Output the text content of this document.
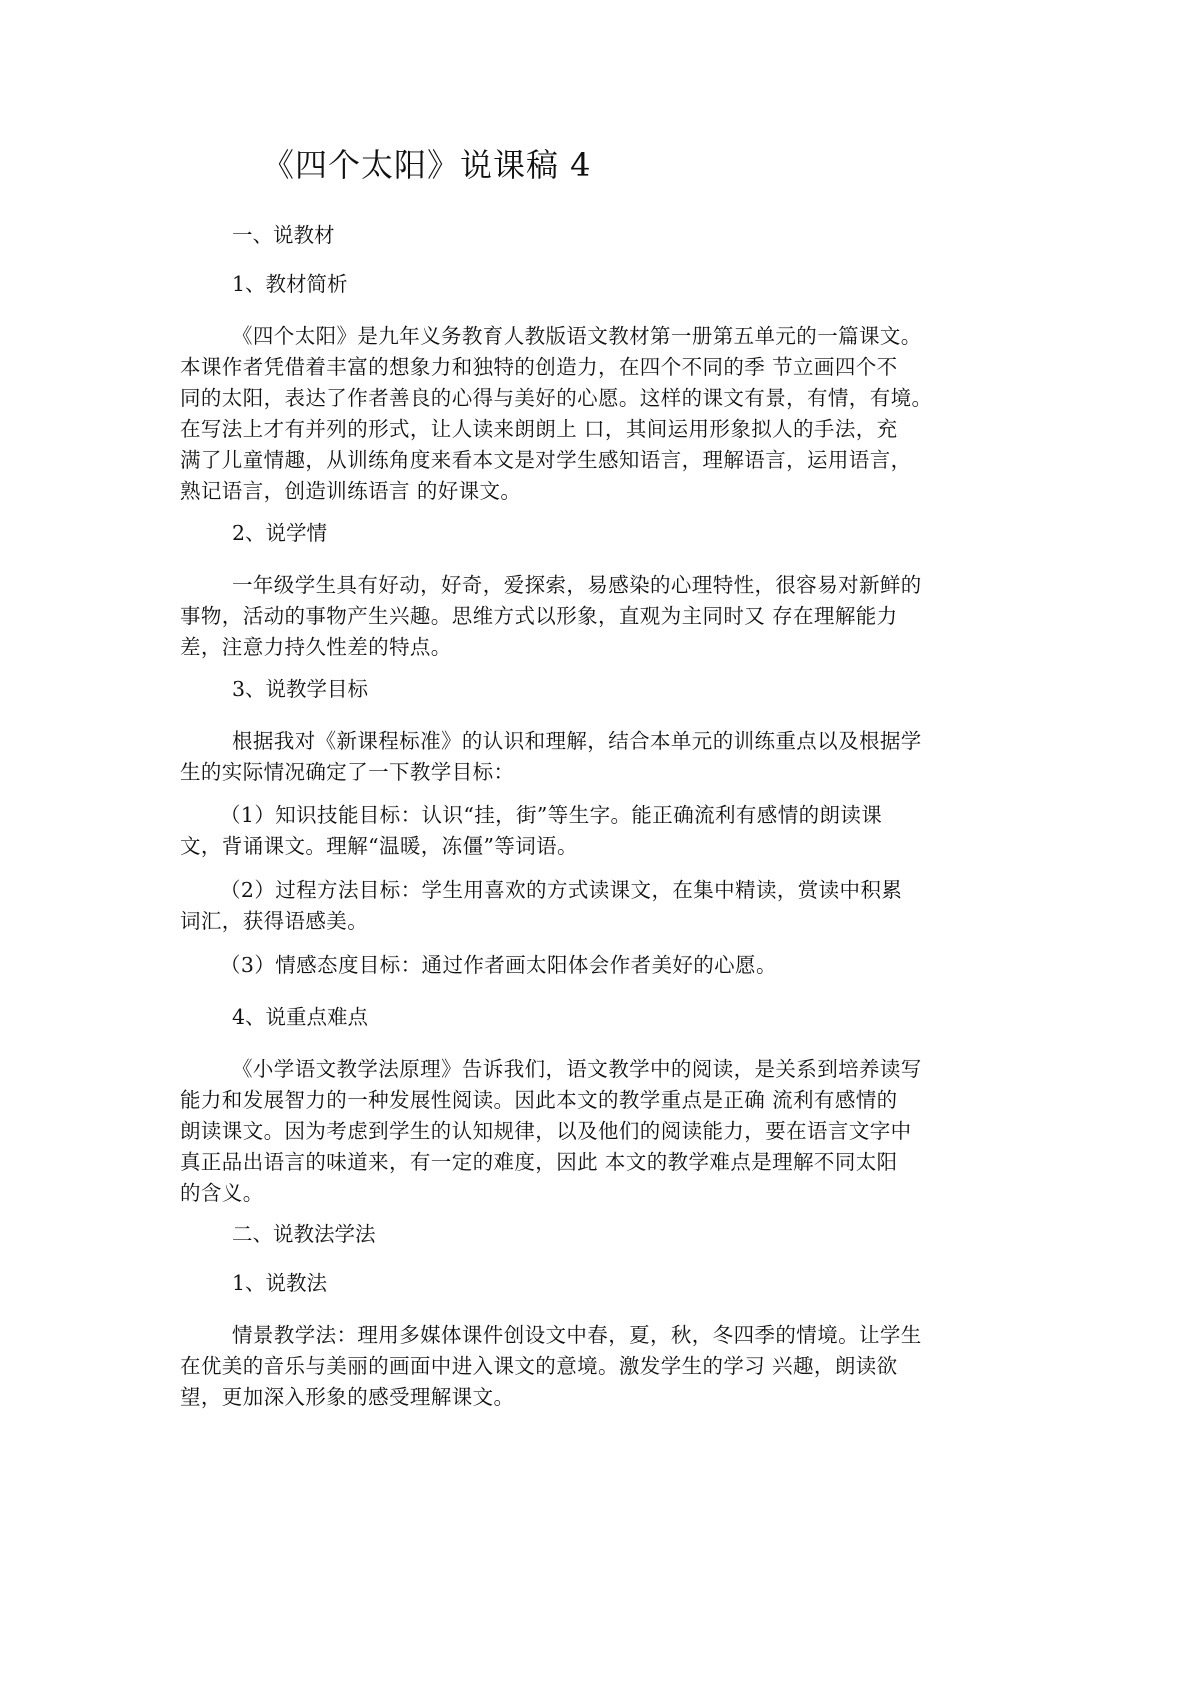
《四个太阳》说课稿 4
一、说教材
1、教材简析
《四个太阳》是九年义务教育人教版语文教材第一册第五单元的一篇课文。
本课作者凭借着丰富的想象力和独特的创造力，在四个不同的季 节立画四个不
同的太阳，表达了作者善良的心得与美好的心愿。这样的课文有景，有情，有境。
在写法上才有并列的形式，让人读来朗朗上 口，其间运用形象拟人的手法，充
满了儿童情趣，从训练角度来看本文是对学生感知语言，理解语言，运用语言，
熟记语言，创造训练语言 的好课文。
2、说学情
一年级学生具有好动，好奇，爱探索，易感染的心理特性，很容易对新鲜的
事物，活动的事物产生兴趣。思维方式以形象，直观为主同时又 存在理解能力
差，注意力持久性差的特点。
3、说教学目标
根据我对《新课程标准》的认识和理解，结合本单元的训练重点以及根据学
生的实际情况确定了一下教学目标：
（1）知识技能目标：认识“挂，街”等生字。能正确流利有感情的朗读课
文，背诵课文。理解“温暖，冻僵”等词语。
（2）过程方法目标：学生用喜欢的方式读课文，在集中精读，赏读中积累
词汇，获得语感美。
（3）情感态度目标：通过作者画太阳体会作者美好的心愿。
4、说重点难点
《小学语文教学法原理》告诉我们，语文教学中的阅读，是关系到培养读写
能力和发展智力的一种发展性阅读。因此本文的教学重点是正确 流利有感情的
朗读课文。因为考虑到学生的认知规律，以及他们的阅读能力，要在语言文字中
真正品出语言的味道来，有一定的难度，因此 本文的教学难点是理解不同太阳
的含义。
二、说教法学法
1、说教法
情景教学法：理用多媒体课件创设文中春，夏，秋，冬四季的情境。让学生
在优美的音乐与美丽的画面中进入课文的意境。激发学生的学习 兴趣，朗读欲
望，更加深入形象的感受理解课文。
